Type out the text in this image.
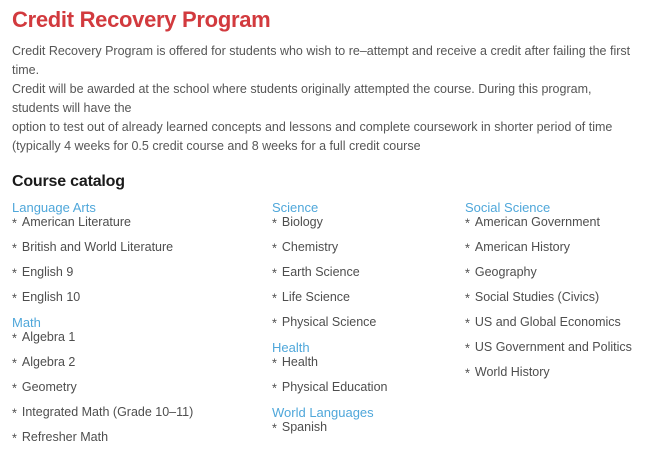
Credit Recovery Program

Credit Recovery Program is offered for students who wish to re–attempt and receive a credit after failing the first time.
Credit will be awarded at the school where students originally attempted the course. During this program, students will have the
option to test out of already learned concepts and lessons and complete coursework in shorter period of time
(typically 4 weeks for 0.5 credit course and 8 weeks for a full credit course

Course catalog
Language Arts
* American Literature
* British and World Literature
* English 9
* English 10
Math
* Algebra 1
* Algebra 2
* Geometry
* Integrated Math (Grade 10–11)
* Refresher Math
Science
* Biology
* Chemistry
* Earth Science
* Life Science
* Physical Science
Health
* Health
* Physical Education
World Languages
* Spanish
Social Science
* American Government
* American History
* Geography
* Social Studies (Civics)
* US and Global Economics
* US Government and Politics
* World History
